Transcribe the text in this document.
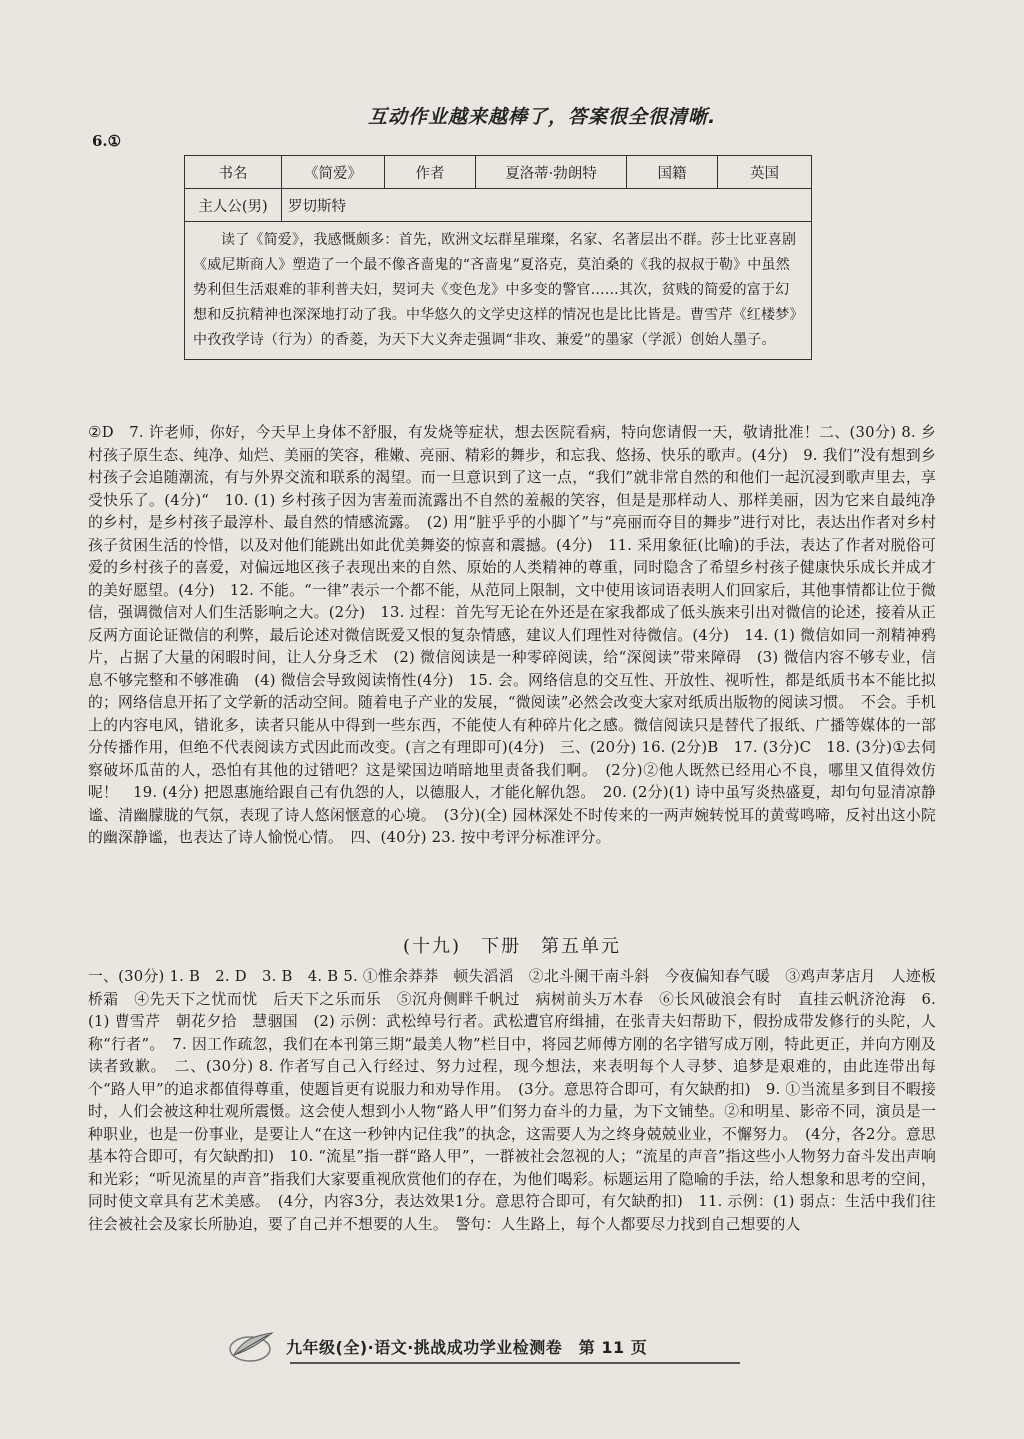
互动作业越来越棒了，答案很全很清晰.
6.①
书名	《简爱》	作者	夏洛蒂·勃朗特	国籍	英国
主人公(男)	罗切斯特				
读了《简爱》，我感慨颇多：首先，欧洲文坛群星璀璨，名家、名著层出不群。莎士比亚喜剧《威尼斯商人》塑造了一个最不像吝啬鬼的“吝啬鬼”夏洛克，莫泊桑的《我的叔叔于勒》中虽然势利但生活艰难的菲利普夫妇，契诃夫《变色龙》中多变的警官……其次，贫贱的简爱的富于幻想和反抗精神也深深地打动了我。中华悠久的文学史这样的情况也是比比皆是。曹雪芹《红楼梦》中孜孜学诗（行为）的香菱，为天下大义奔走强调“非攻、兼爱”的墨家（学派）创始人墨子。					
②D　7. 许老师，你好，今天早上身体不舒服，有发烧等症状，想去医院看病，特向您请假一天，敬请批准！二、(30分) 8. 乡村孩子原生态、纯净、灿烂、美丽的笑容，稚嫩、亮丽、精彩的舞步，和忘我、悠扬、快乐的歌声。(4分)　9. 我们”没有想到乡村孩子会追随潮流，有与外界交流和联系的渴望。而一旦意识到了这一点，“我们”就非常自然的和他们一起沉浸到歌声里去，享受快乐了。(4分)“　10. (1) 乡村孩子因为害羞而流露出不自然的羞赧的笑容，但是是那样动人、那样美丽，因为它来自最纯净的乡村，是乡村孩子最淳朴、最自然的情感流露。　(2) 用“脏乎乎的小脚丫”与“亮丽而夺目的舞步”进行对比，表达出作者对乡村孩子贫困生活的怜惜，以及对他们能跳出如此优美舞姿的惊喜和震撼。(4分)　11. 采用象征(比喻)的手法，表达了作者对脱俗可爱的乡村孩子的喜爱，对偏远地区孩子表现出来的自然、原始的人类精神的尊重，同时隐含了希望乡村孩子健康快乐成长并成才的美好愿望。(4分)　12. 不能。“一律”表示一个都不能，从范同上限制，文中使用该词语表明人们回家后，其他事情都让位于微信，强调微信对人们生活影响之大。(2分)　13. 过程：首先写无论在外还是在家我都成了低头族来引出对微信的论述，接着从正反两方面论证微信的利弊，最后论述对微信既爱又恨的复杂情感，建议人们理性对待微信。(4分)　14. (1) 微信如同一剂精神鸦片，占据了大量的闲暇时间，让人分身乏术　(2) 微信阅读是一种零碎阅读，给“深阅读”带来障碍　(3) 微信内容不够专业，信息不够完整和不够准确　(4) 微信会导致阅读惰性(4分)　15. 会。网络信息的交互性、开放性、视听性，都是纸质书本不能比拟的；网络信息开拓了文学新的活动空间。随着电子产业的发展，“微阅读”必然会改变大家对纸质出版物的阅读习惯。　不会。手机上的内容电风，错讹多，读者只能从中得到一些东西，不能使人有种碎片化之感。微信阅读只是替代了报纸、广播等媒体的一部分传播作用，但绝不代表阅读方式因此而改变。(言之有理即可)(4分)　三、(20分) 16. (2分)B　17. (3分)C　18. (3分)①去伺察破坏瓜苗的人，恐怕有其他的过错吧？这是梁国边哨暗地里责备我们啊。　(2分)②他人既然已经用心不良，哪里又值得效仿呢！　19. (4分) 把恩惠施给跟自己有仇怨的人，以德服人，才能化解仇怨。　20. (2分)(1) 诗中虽写炎热盛夏，却句句显清凉静谧、清幽朦胧的气氛，表现了诗人悠闲惬意的心境。　(3分)(全) 园林深处不时传来的一两声婉转悦耳的黄莺鸣啼，反衬出这小院的幽深静谧，也表达了诗人愉悦心情。　四、(40分) 23. 按中考评分标准评分。
(十九)　下册　第五单元
一、(30分) 1. B　2. D　3. B　4. B 5. ①惟余莽莽　顿失滔滔　②北斗阑干南斗斜　今夜偏知春气暖　③鸡声茅店月　人迹板桥霜　④先天下之忧而忧　后天下之乐而乐　⑤沉舟侧畔千帆过　病树前头万木春　⑥长风破浪会有时　直挂云帆济沧海　6. (1) 曹雪芹　朝花夕拾　慧骃国　(2) 示例：武松绰号行者。武松遭官府缉捕，在张青夫妇帮助下，假扮成带发修行的头陀，人称“行者”。　7. 因工作疏忽，我们在本刊第三期“最美人物”栏目中，将园艺师傅方刚的名字错写成万刚，特此更正，并向方刚及读者致歉。　二、(30分) 8. 作者写自己入行经过、努力过程，现今想法，来表明每个人寻梦、追梦是艰难的，由此连带出每个“路人甲”的追求都值得尊重，使题旨更有说服力和劝导作用。　(3分。意思符合即可，有欠缺酌扣)　9. ①当流星多到目不暇接时，人们会被这种壮观所震慑。这会使人想到小人物“路人甲”们努力奋斗的力量，为下文铺垫。②和明星、影帝不同，演员是一种职业，也是一份事业，是要让人“在这一秒钟内记住我”的执念，这需要人为之终身兢兢业业，不懈努力。　(4分，各2分。意思基本符合即可，有欠缺酌扣)　10. “流星”指一群“路人甲”，一群被社会忽视的人；“流星的声音”指这些小人物努力奋斗发出声响和光彩；“听见流星的声音”指我们大家要重视欣赏他们的存在，为他们喝彩。标题运用了隐喻的手法，给人想象和思考的空间，同时使文章具有艺术美感。　(4分，内容3分，表达效果1分。意思符合即可，有欠缺酌扣)　11. 示例：(1) 弱点：生活中我们往往会被社会及家长所胁迫，要了自己并不想要的人生。　警句：人生路上，每个人都要尽力找到自己想要的人
九年级(全)·语文·挑战成功学业检测卷　第 11 页
